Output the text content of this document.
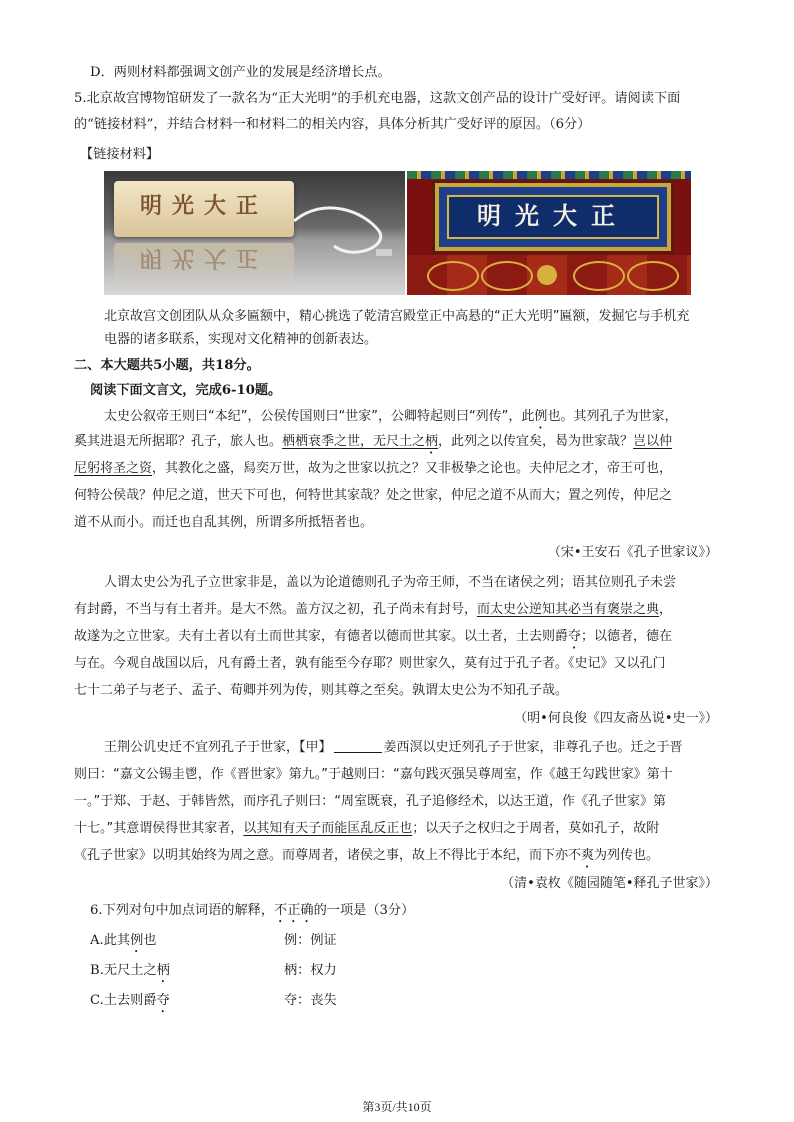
D．两则材料都强调文创产业的发展是经济增长点。
5.北京故宫博物馆研发了一款名为“正大光明”的手机充电器，这款文创产品的设计广受好评。请阅读下面
的“链接材料”，并结合材料一和材料二的相关内容，具体分析其广受好评的原因。（6分）
【链接材料】
明光大正
明光大正
明光大正
北京故宫文创团队从众多匾额中，精心挑选了乾清宫殿堂正中高悬的“正大光明”匾额，发掘它与手机充
电器的诸多联系，实现对文化精神的创新表达。
二、本大题共5小题，共18分。
阅读下面文言文，完成6-10题。
太史公叙帝王则曰“本纪”，公侯传国则曰“世家”，公卿特起则曰“列传”，此例也。其列孔子为世家，
奚其进退无所据耶？孔子，旅人也。栖栖衰季之世，无尺土之柄，此列之以传宜矣，曷为世家哉？岂以仲
尼躬将圣之资，其教化之盛，舄奕万世，故为之世家以抗之？又非极挚之论也。夫仲尼之才，帝王可也，
何特公侯哉？仲尼之道，世天下可也，何特世其家哉？处之世家，仲尼之道不从而大；置之列传，仲尼之
道不从而小。而迁也自乱其例，所谓多所抵牾者也。
（宋•王安石《孔子世家议》）
人谓太史公为孔子立世家非是，盖以为论道德则孔子为帝王师，不当在诸侯之列；语其位则孔子未尝
有封爵，不当与有土者并。是大不然。盖方汉之初，孔子尚未有封号，而太史公逆知其必当有褒崇之典，
故遂为之立世家。夫有土者以有土而世其家，有德者以德而世其家。以土者，土去则爵夺；以德者，德在
与在。今观自战国以后，凡有爵土者，孰有能至今存耶？则世家久，莫有过于孔子者。《史记》又以孔门
七十二弟子与老子、孟子、荀卿并列为传，则其尊之至矣。孰谓太史公为不知孔子哉。
（明•何良俊《四友斋丛说•史一》）
王荆公讥史迁不宜列孔子于世家，【甲】	姜西溟以史迁列孔子于世家，非尊孔子也。迁之于晋
则曰：“嘉文公锡圭鬯，作《晋世家》第九。”于越则曰：“嘉句践灭强吴尊周室，作《越王勾践世家》第十
一。”于郑、于赵、于韩皆然，而序孔子则曰：“周室既衰，孔子追修经术，以达王道，作《孔子世家》第
十七。”其意谓侯得世其家者，以其知有天子而能匡乱反正也；以天子之权归之于周者，莫如孔子，故附
《孔子世家》以明其始终为周之意。而尊周者，诸侯之事，故上不得比于本纪，而下亦不爽为列传也。
（清•袁枚《随园随笔•释孔子世家》）
6.下列对句中加点词语的解释，不正确的一项是（3分）
A.此其例也	例：例证
B.无尺土之柄	柄：权力
C.土去则爵夺	夺：丧失
第3页/共10页
